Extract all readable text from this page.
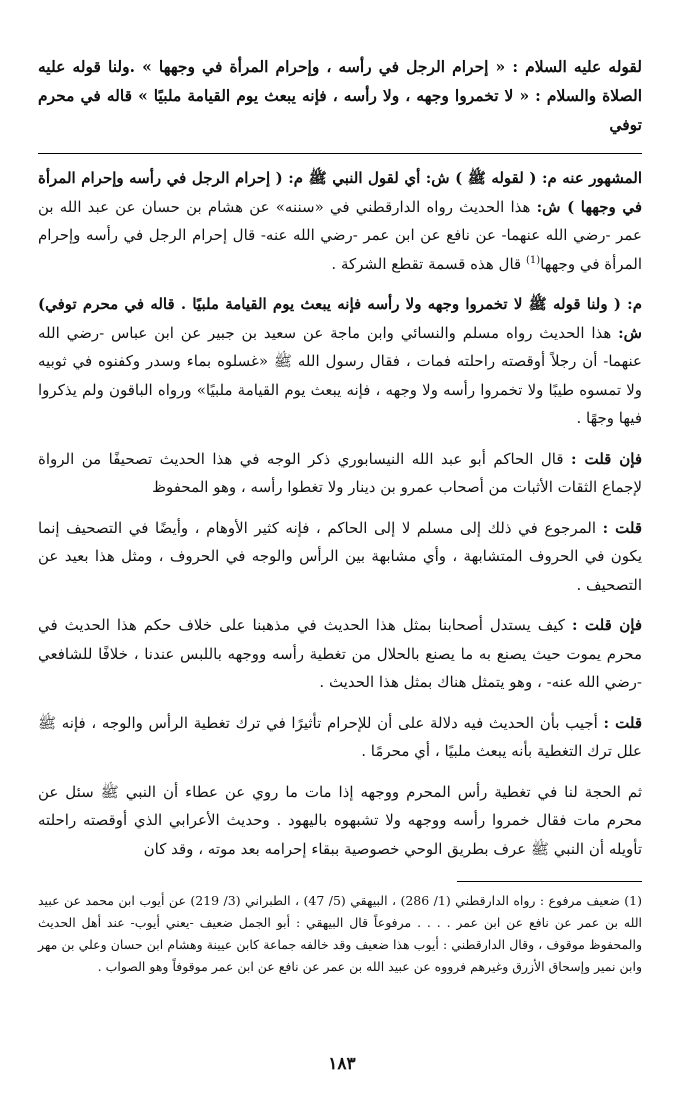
لقوله عليه السلام : « إحرام الرجل في رأسه ، وإحرام المرأة في وجهها » .ولنا قوله عليه الصلاة والسلام : « لا تخمروا وجهه ، ولا رأسه ، فإنه يبعث يوم القيامة ملبيًا » قاله في محرم توفي

المشهور عنه م: ( لقوله ﷺ ) ش: أي لقول النبي ﷺ م: ( إحرام الرجل في رأسه وإحرام المرأة في وجهها ) ش: هذا الحديث رواه الدارقطني في «سننه» عن هشام بن حسان عن عبد الله بن عمر -رضي الله عنهما- عن نافع عن ابن عمر -رضي الله عنه- قال إحرام الرجل في رأسه وإحرام المرأة في وجهها$^{(1)}$ قال هذه قسمة تقطع الشركة .

م: ( ولنا قوله ﷺ لا تخمروا وجهه ولا رأسه فإنه يبعث يوم القيامة ملبيًا . قاله في محرم توفي) ش: هذا الحديث رواه مسلم والنسائي وابن ماجة عن سعيد بن جبير عن ابن عباس -رضي الله عنهما- أن رجلاً أوقصته راحلته فمات ، فقال رسول الله ﷺ «غسلوه بماء وسدر وكفنوه في ثوبيه ولا تمسوه طيبًا ولا تخمروا رأسه ولا وجهه ، فإنه يبعث يوم القيامة ملبيًا» ورواه الباقون ولم يذكروا فيها وجهًا .

فإن قلت : قال الحاكم أبو عبد الله النيسابوري ذكر الوجه في هذا الحديث تصحيفًا من الرواة لإجماع الثقات الأثبات من أصحاب عمرو بن دينار ولا تغطوا رأسه ، وهو المحفوظ

قلت : المرجوع في ذلك إلى مسلم لا إلى الحاكم ، فإنه كثير الأوهام ، وأيضًا في التصحيف إنما يكون في الحروف المتشابهة ، وأي مشابهة بين الرأس والوجه في الحروف ، ومثل هذا بعيد عن التصحيف .

فإن قلت : كيف يستدل أصحابنا بمثل هذا الحديث في مذهبنا على خلاف حكم هذا الحديث في محرم يموت حيث يصنع به ما يصنع بالحلال من تغطية رأسه ووجهه باللبس عندنا ، خلافًا للشافعي -رضي الله عنه- ، وهو يتمثل هناك بمثل هذا الحديث .

قلت : أجيب بأن الحديث فيه دلالة على أن للإحرام تأثيرًا في ترك تغطية الرأس والوجه ، فإنه ﷺ علل ترك التغطية بأنه يبعث ملبيًا ، أي محرمًا .

ثم الحجة لنا في تغطية رأس المحرم ووجهه إذا مات ما روي عن عطاء أن النبي ﷺ سئل عن محرم مات فقال خمروا رأسه ووجهه ولا تشبهوه باليهود . وحديث الأعرابي الذي أوقصته راحلته تأويله أن النبي ﷺ عرف بطريق الوحي خصوصية ببقاء إحرامه بعد موته ، وقد كان

(1) ضعيف مرفوع : رواه الدارقطني (1/ 286) ، البيهقي (5/ 47) ، الطبراني (3/ 219) عن أيوب ابن محمد عن عبيد الله بن عمر عن نافع عن ابن عمر . . . . مرفوعاً قال البيهقي : أبو الجمل ضعيف -يعني أيوب- عند أهل الحديث والمحفوظ موقوف ، وقال الدارقطني : أيوب هذا ضعيف وقد خالفه جماعة كابن عيينة وهشام ابن حسان وعلي بن مهر وابن نمير وإسحاق الأزرق وغيرهم فرووه عن عبيد الله بن عمر عن نافع عن ابن عمر موقوفاً وهو الصواب .

١٨٣
